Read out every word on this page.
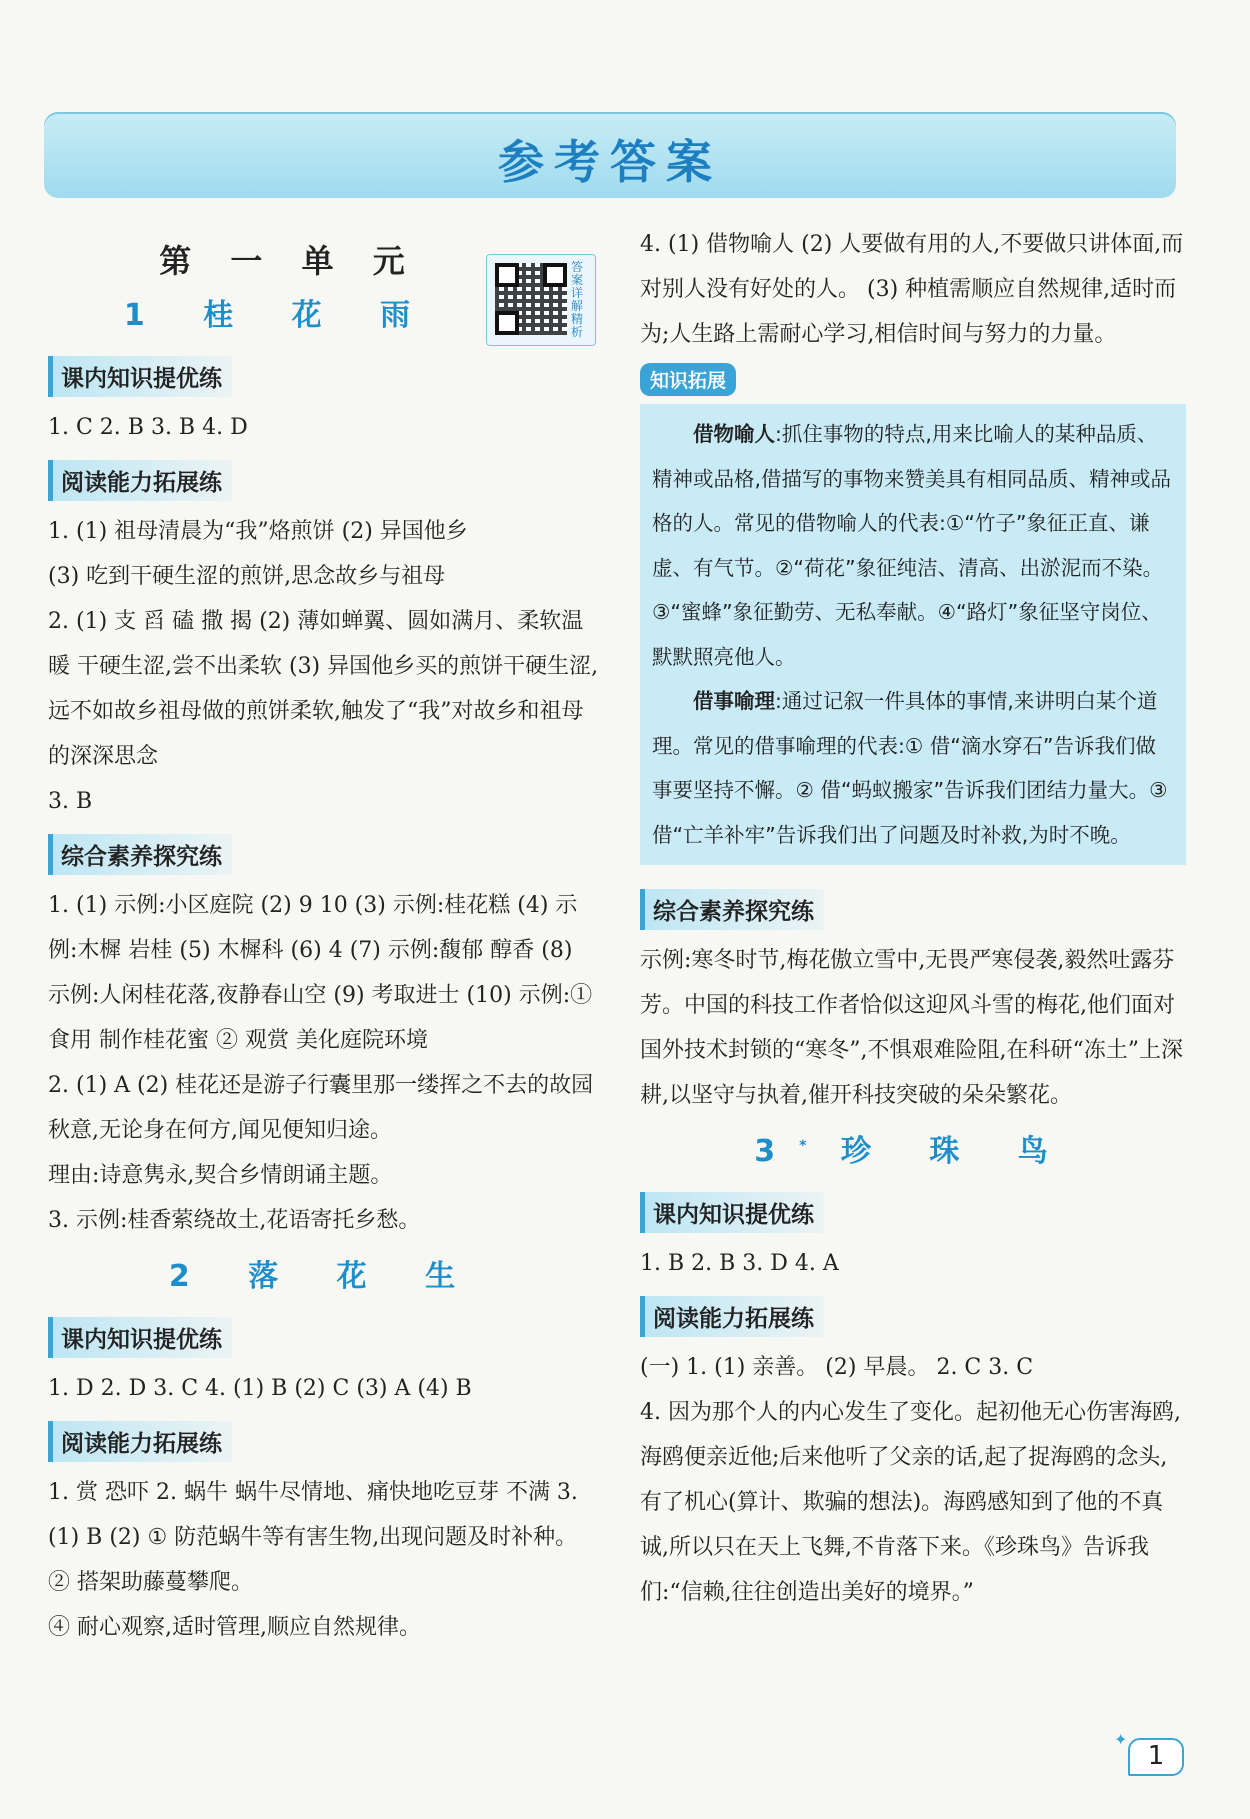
参考答案
第 一 单 元	答案详解精析
1 桂 花 雨
课内知识提优练

1. C 2. B 3. B 4. D

阅读能力拓展练

1. (1) 祖母清晨为“我”烙煎饼 (2) 异国他乡

(3) 吃到干硬生涩的煎饼,思念故乡与祖母

2. (1) 支 舀 磕 撒 揭 (2) 薄如蝉翼、圆如满月、柔软温暖 干硬生涩,尝不出柔软 (3) 异国他乡买的煎饼干硬生涩,远不如故乡祖母做的煎饼柔软,触发了“我”对故乡和祖母的深深思念

3. B

综合素养探究练

1. (1) 示例:小区庭院 (2) 9 10 (3) 示例:桂花糕 (4) 示例:木樨 岩桂 (5) 木樨科 (6) 4 (7) 示例:馥郁 醇香 (8) 示例:人闲桂花落,夜静春山空 (9) 考取进士 (10) 示例:① 食用 制作桂花蜜 ② 观赏 美化庭院环境

2. (1) A (2) 桂花还是游子行囊里那一缕挥之不去的故园秋意,无论身在何方,闻见便知归途。

理由:诗意隽永,契合乡情朗诵主题。

3. 示例:桂香萦绕故土,花语寄托乡愁。

2 落 花 生
课内知识提优练

1. D 2. D 3. C 4. (1) B (2) C (3) A (4) B

阅读能力拓展练

1. 赏 恐吓 2. 蜗牛 蜗牛尽情地、痛快地吃豆芽 不满 3. (1) B (2) ① 防范蜗牛等有害生物,出现问题及时补种。 ② 搭架助藤蔓攀爬。

④ 耐心观察,适时管理,顺应自然规律。

4. (1) 借物喻人 (2) 人要做有用的人,不要做只讲体面,而对别人没有好处的人。 (3) 种植需顺应自然规律,适时而为;人生路上需耐心学习,相信时间与努力的力量。

知识拓展

借物喻人:抓住事物的特点,用来比喻人的某种品质、精神或品格,借描写的事物来赞美具有相同品质、精神或品格的人。常见的借物喻人的代表:①“竹子”象征正直、谦虚、有气节。②“荷花”象征纯洁、清高、出淤泥而不染。③“蜜蜂”象征勤劳、无私奉献。④“路灯”象征坚守岗位、默默照亮他人。

借事喻理:通过记叙一件具体的事情,来讲明白某个道理。常见的借事喻理的代表:① 借“滴水穿石”告诉我们做事要坚持不懈。② 借“蚂蚁搬家”告诉我们团结力量大。③ 借“亡羊补牢”告诉我们出了问题及时补救,为时不晚。

综合素养探究练

示例:寒冬时节,梅花傲立雪中,无畏严寒侵袭,毅然吐露芬芳。中国的科技工作者恰似这迎风斗雪的梅花,他们面对国外技术封锁的“寒冬”,不惧艰难险阻,在科研“冻土”上深耕,以坚守与执着,催开科技突破的朵朵繁花。

3* 珍 珠 鸟
课内知识提优练

1. B 2. B 3. D 4. A

阅读能力拓展练

(一) 1. (1) 亲善。 (2) 早晨。 2. C 3. C

4. 因为那个人的内心发生了变化。起初他无心伤害海鸥,海鸥便亲近他;后来他听了父亲的话,起了捉海鸥的念头,有了机心(算计、欺骗的想法)。海鸥感知到了他的不真诚,所以只在天上飞舞,不肯落下来。《珍珠鸟》告诉我们:“信赖,往往创造出美好的境界。”

✦
1
